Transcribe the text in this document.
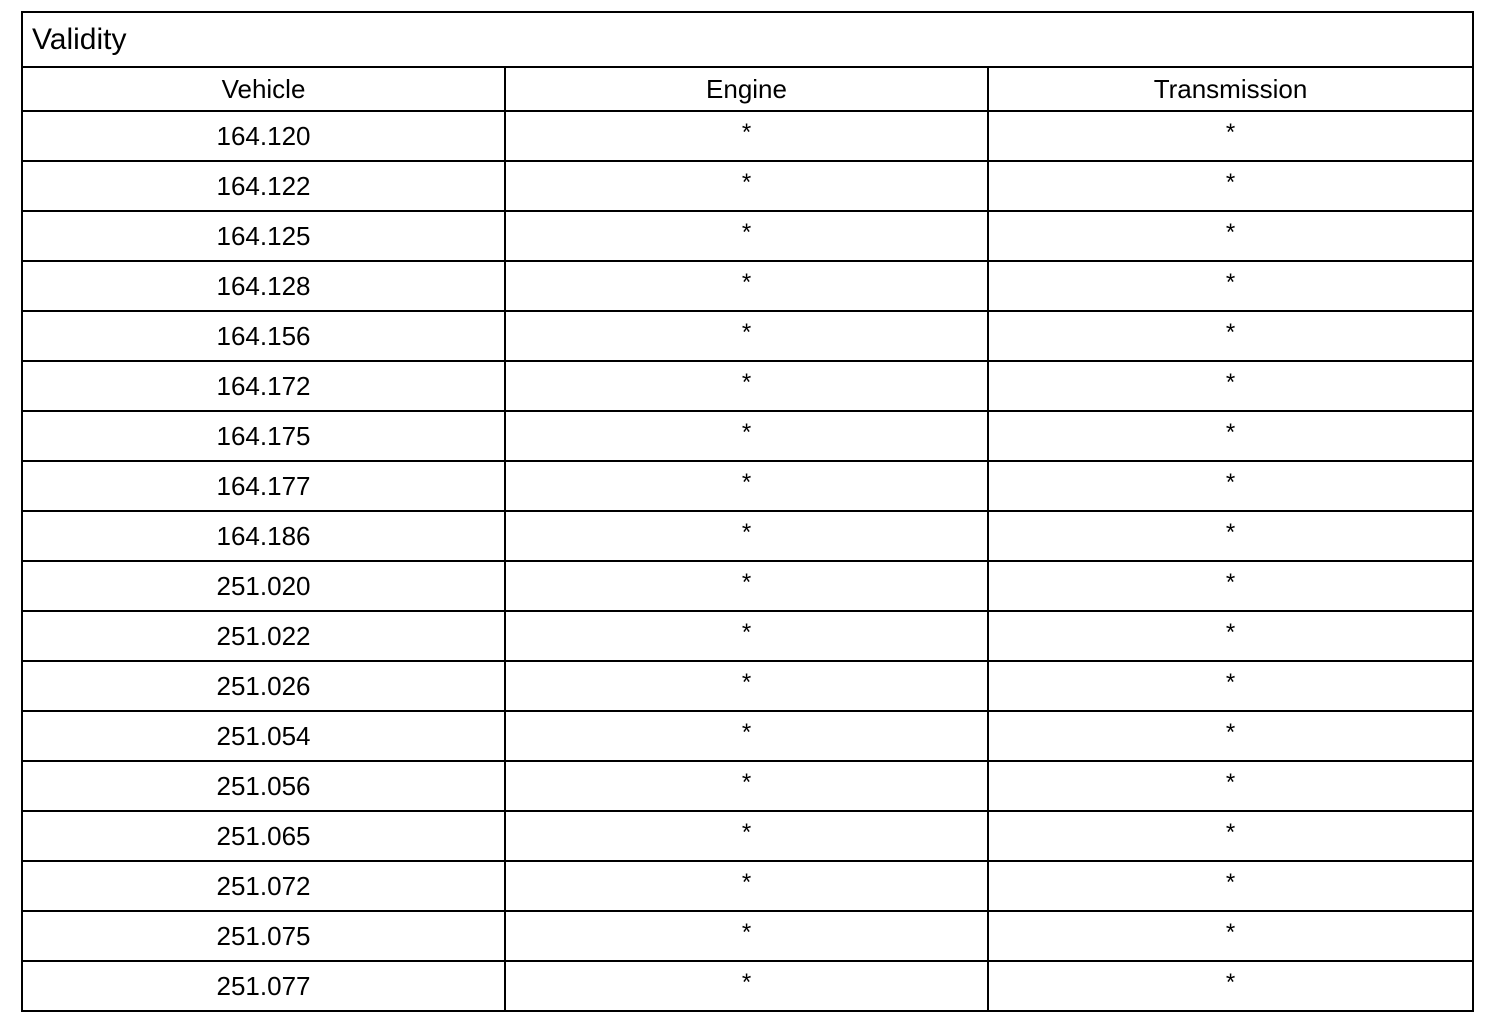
Validity		
Vehicle	Engine	Transmission
164.120	*	*
164.122	*	*
164.125	*	*
164.128	*	*
164.156	*	*
164.172	*	*
164.175	*	*
164.177	*	*
164.186	*	*
251.020	*	*
251.022	*	*
251.026	*	*
251.054	*	*
251.056	*	*
251.065	*	*
251.072	*	*
251.075	*	*
251.077	*	*
